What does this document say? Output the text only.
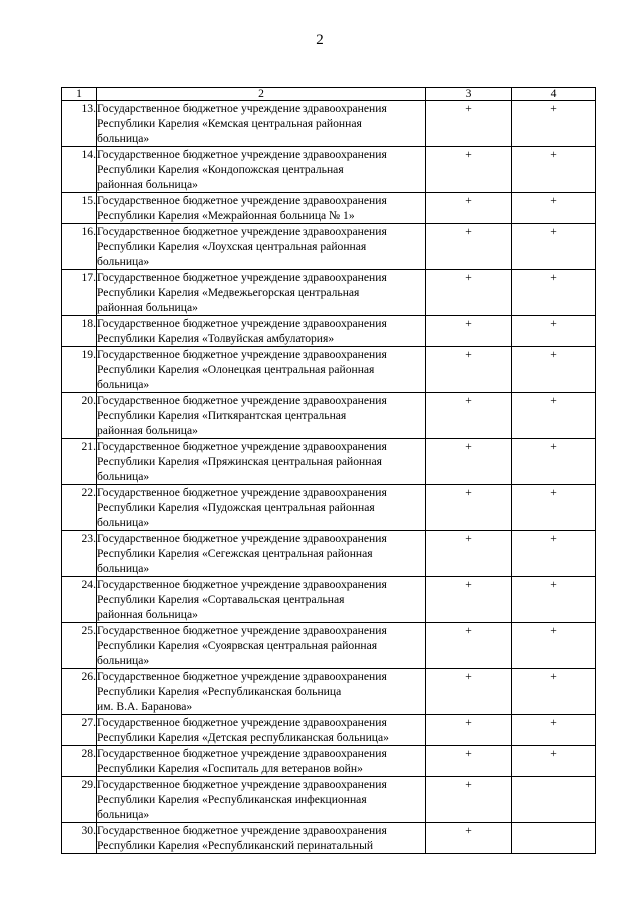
2
1	2	3	4
13.	Государственное бюджетное учреждение здравоохранения
Республики Карелия «Кемская центральная районная
больница»	+	+
14.	Государственное бюджетное учреждение здравоохранения
Республики Карелия «Кондопожская центральная
районная больница»	+	+
15.	Государственное бюджетное учреждение здравоохранения
Республики Карелия «Межрайонная больница № 1»	+	+
16.	Государственное бюджетное учреждение здравоохранения
Республики Карелия «Лоухская центральная районная
больница»	+	+
17.	Государственное бюджетное учреждение здравоохранения
Республики Карелия «Медвежьегорская центральная
районная больница»	+	+
18.	Государственное бюджетное учреждение здравоохранения
Республики Карелия «Толвуйская амбулатория»	+	+
19.	Государственное бюджетное учреждение здравоохранения
Республики Карелия «Олонецкая центральная районная
больница»	+	+
20.	Государственное бюджетное учреждение здравоохранения
Республики Карелия «Питкярантская центральная
районная больница»	+	+
21.	Государственное бюджетное учреждение здравоохранения
Республики Карелия «Пряжинская центральная районная
больница»	+	+
22.	Государственное бюджетное учреждение здравоохранения
Республики Карелия «Пудожская центральная районная
больница»	+	+
23.	Государственное бюджетное учреждение здравоохранения
Республики Карелия «Сегежская центральная районная
больница»	+	+
24.	Государственное бюджетное учреждение здравоохранения
Республики Карелия «Сортавальская центральная
районная больница»	+	+
25.	Государственное бюджетное учреждение здравоохранения
Республики Карелия «Суоярвская центральная районная
больница»	+	+
26.	Государственное бюджетное учреждение здравоохранения
Республики Карелия «Республиканская больница
им. В.А. Баранова»	+	+
27.	Государственное бюджетное учреждение здравоохранения
Республики Карелия «Детская республиканская больница»	+	+
28.	Государственное бюджетное учреждение здравоохранения
Республики Карелия «Госпиталь для ветеранов войн»	+	+
29.	Государственное бюджетное учреждение здравоохранения
Республики Карелия «Республиканская инфекционная
больница»	+	
30.	Государственное бюджетное учреждение здравоохранения
Республики Карелия «Республиканский перинатальный	+	
